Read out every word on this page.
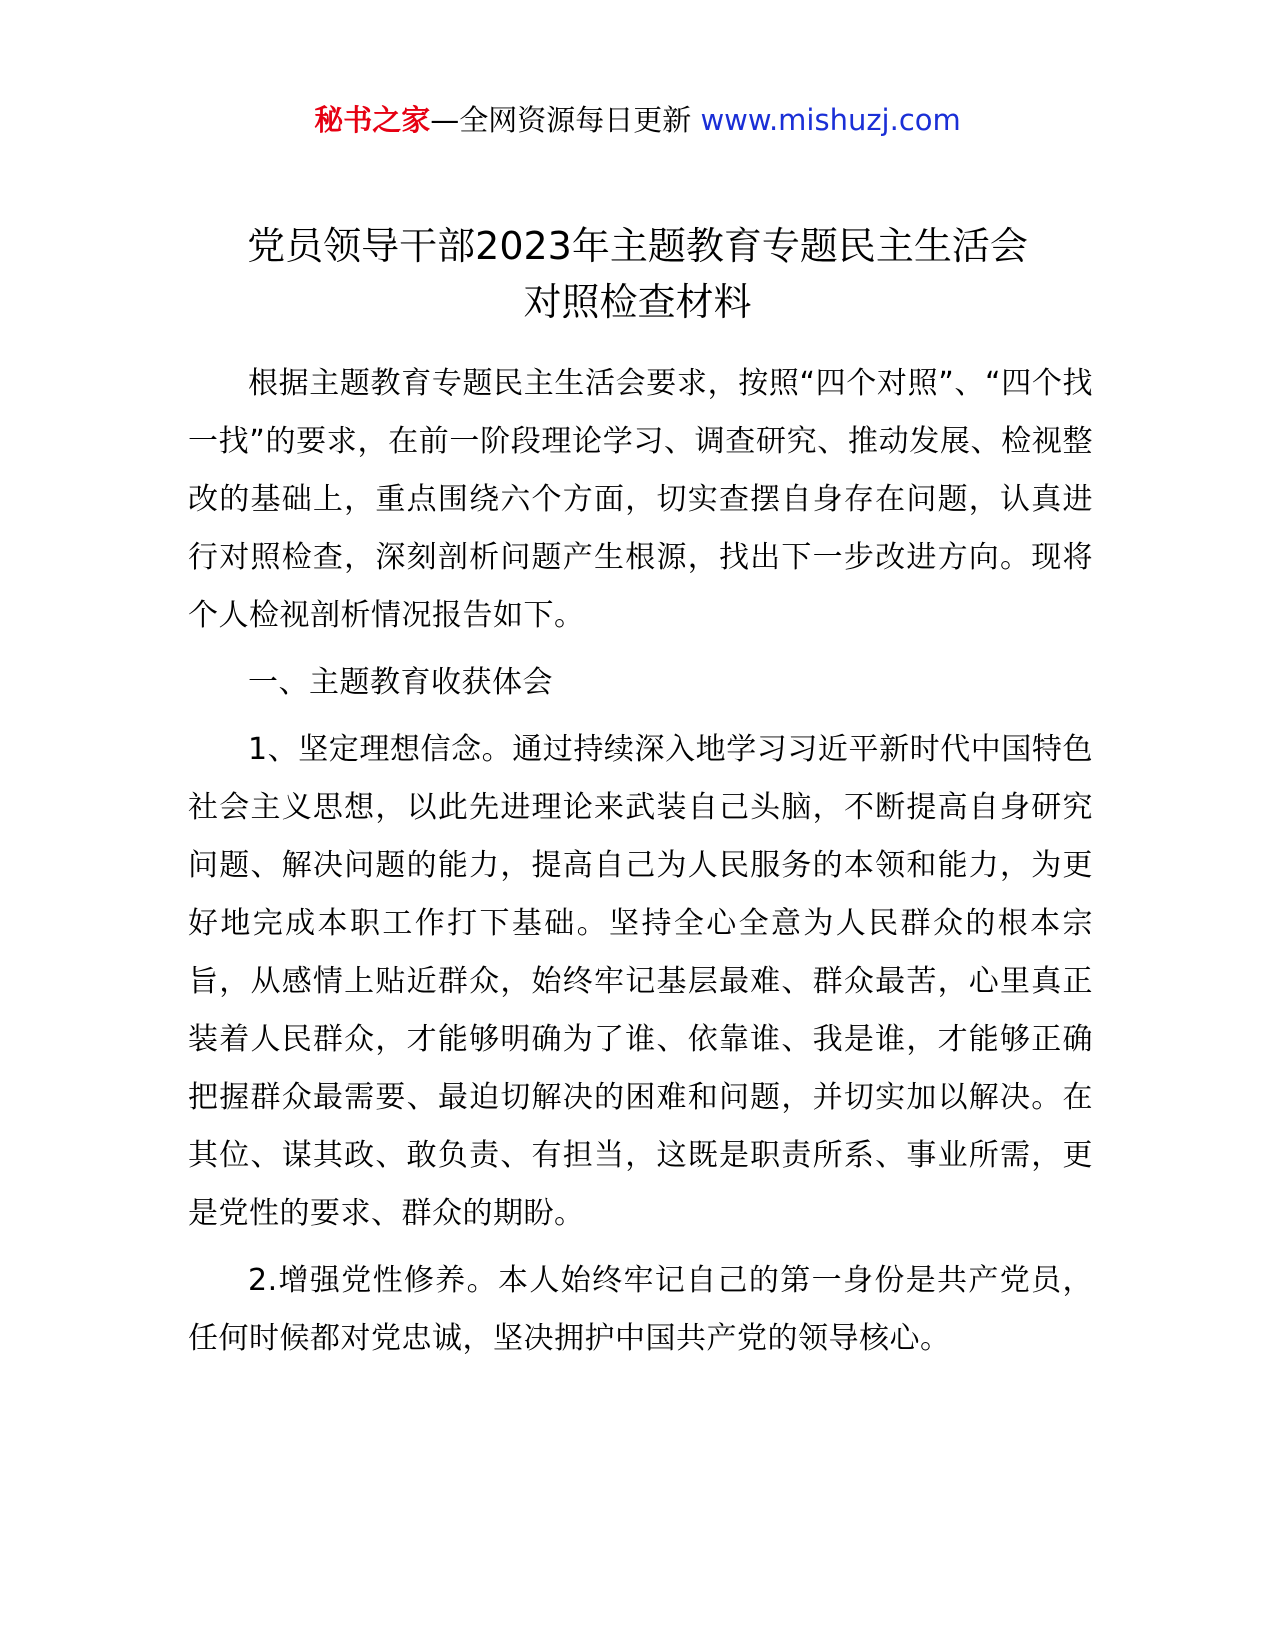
秘书之家—全网资源每日更新 www.mishuzj.com
党员领导干部2023年主题教育专题民主生活会
对照检查材料

根据主题教育专题民主生活会要求，按照“四个对照”、“四个找一找”的要求，在前一阶段理论学习、调查研究、推动发展、检视整改的基础上，重点围绕六个方面，切实查摆自身存在问题，认真进行对照检查，深刻剖析问题产生根源，找出下一步改进方向。现将个人检视剖析情况报告如下。

一、主题教育收获体会

1、坚定理想信念。通过持续深入地学习习近平新时代中国特色社会主义思想，以此先进理论来武装自己头脑，不断提高自身研究问题、解决问题的能力，提高自己为人民服务的本领和能力，为更好地完成本职工作打下基础。坚持全心全意为人民群众的根本宗旨，从感情上贴近群众，始终牢记基层最难、群众最苦，心里真正装着人民群众，才能够明确为了谁、依靠谁、我是谁，才能够正确把握群众最需要、最迫切解决的困难和问题，并切实加以解决。在其位、谋其政、敢负责、有担当，这既是职责所系、事业所需，更是党性的要求、群众的期盼。

2.增强党性修养。本人始终牢记自己的第一身份是共产党员，任何时候都对党忠诚，坚决拥护中国共产党的领导核心。
